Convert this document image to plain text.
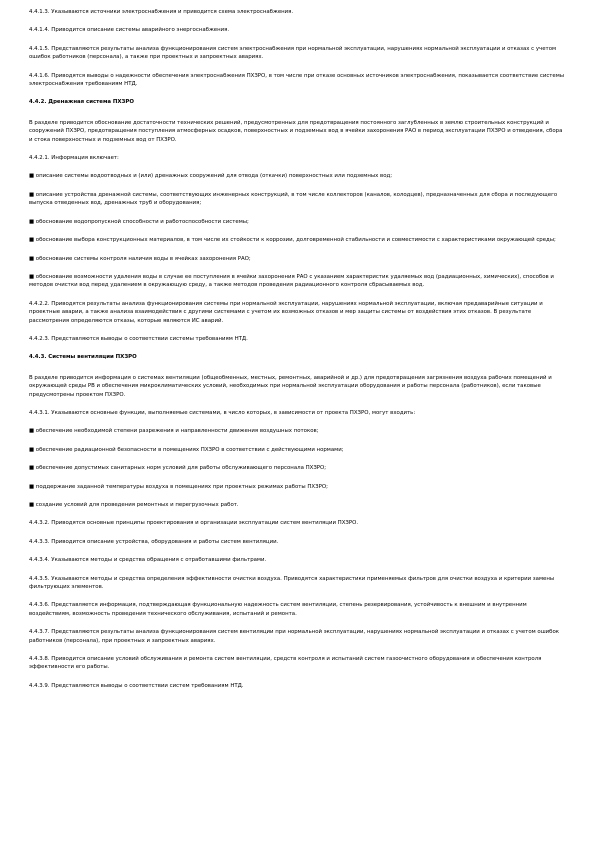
4.4.1.3. Указываются источники электроснабжения и приводится схема электроснабжения.

4.4.1.4. Приводится описание системы аварийного энергоснабжения.

4.4.1.5. Представляются результаты анализа функционирования систем электроснабжения при нормальной эксплуатации, нарушениях нормальной эксплуатации и отказах с учетом ошибок работников (персонала), а также при проектных и запроектных авариях.

4.4.1.6. Приводятся выводы о надежности обеспечения электроснабжения ПХЗРО, в том числе при отказе основных источников электроснабжения, показывается соответствие системы электроснабжения требованиям НТД.

4.4.2. Дренажная система ПХЗРО

В разделе приводится обоснование достаточности технических решений, предусмотренных для предотвращения постоянного заглубленных в землю строительных конструкций и сооружений ПХЗРО, предотвращения поступления атмосферных осадков, поверхностных и подземных вод в ячейки захоронения РАО в период эксплуатации ПХЗРО и отведения, сбора и стока поверхностных и подземных вод от ПХЗРО.

4.4.2.1. Информация включает:

■ описание системы водоотводных и (или) дренажных сооружений для отвода (откачки) поверхностных или подземных вод;

■ описание устройства дренажной системы, соответствующих инженерных конструкций, в том числе коллекторов (каналов, колодцев), предназначенных для сбора и последующего выпуска отведенных вод, дренажных труб и оборудования;

■ обоснование водопропускной способности и работоспособности системы;

■ обоснование выбора конструкционных материалов, в том числе их стойкости к коррозии, долговременной стабильности и совместимости с характеристиками окружающей среды;

■ обоснование системы контроля наличия воды в ячейках захоронения РАО;

■ обоснование возможности удаления воды в случае ее поступления в ячейки захоронения РАО с указанием характеристик удаляемых вод (радиационных, химических), способов и методов очистки вод перед удалением в окружающую среду, а также методов проведения радиационного контроля сбрасываемых вод.

4.4.2.2. Приводятся результаты анализа функционирования системы при нормальной эксплуатации, нарушениях нормальной эксплуатации, включая предаварийные ситуации и проектные аварии, а также анализа взаимодействия с другими системами с учетом их возможных отказов и мер защиты системы от воздействия этих отказов. В результате рассмотрения определяются отказы, которые являются ИС аварий.

4.4.2.3. Представляются выводы о соответствии системы требованиям НТД.

4.4.3. Системы вентиляции ПХЗРО

В разделе приводится информация о системах вентиляции (общеобменных, местных, ремонтных, аварийной и др.) для предотвращения загрязнения воздуха рабочих помещений и окружающей среды РВ и обеспечения микроклиматических условий, необходимых при нормальной эксплуатации оборудования и работы персонала (работников), если таковые предусмотрены проектом ПХЗРО.

4.4.3.1. Указываются основные функции, выполняемые системами, в число которых, в зависимости от проекта ПХЗРО, могут входить:

■ обеспечение необходимой степени разрежения и направленности движения воздушных потоков;

■ обеспечение радиационной безопасности в помещениях ПХЗРО в соответствии с действующими нормами;

■ обеспечение допустимых санитарных норм условий для работы обслуживающего персонала ПХЗРО;

■ поддержание заданной температуры воздуха в помещениях при проектных режимах работы ПХЗРО;

■ создание условий для проведения ремонтных и перегрузочных работ.

4.4.3.2. Приводятся основные принципы проектирования и организации эксплуатации систем вентиляции ПХЗРО.

4.4.3.3. Приводится описание устройства, оборудования и работы систем вентиляции.

4.4.3.4. Указываются методы и средства обращения с отработавшими фильтрами.

4.4.3.5. Указываются методы и средства определения эффективности очистки воздуха. Приводятся характеристики применяемых фильтров для очистки воздуха и критерии замены фильтрующих элементов.

4.4.3.6. Представляется информация, подтверждающая функциональную надежность систем вентиляции, степень резервирования, устойчивость к внешним и внутренним воздействиям, возможность проведения технического обслуживания, испытаний и ремонта.

4.4.3.7. Представляются результаты анализа функционирования систем вентиляции при нормальной эксплуатации, нарушениях нормальной эксплуатации и отказах с учетом ошибок работников (персонала), при проектных и запроектных авариях.

4.4.3.8. Приводится описание условий обслуживания и ремонта систем вентиляции, средств контроля и испытаний систем газоочистного оборудования и обеспечения контроля эффективности его работы.

4.4.3.9. Представляются выводы о соответствии систем требованиям НТД.
